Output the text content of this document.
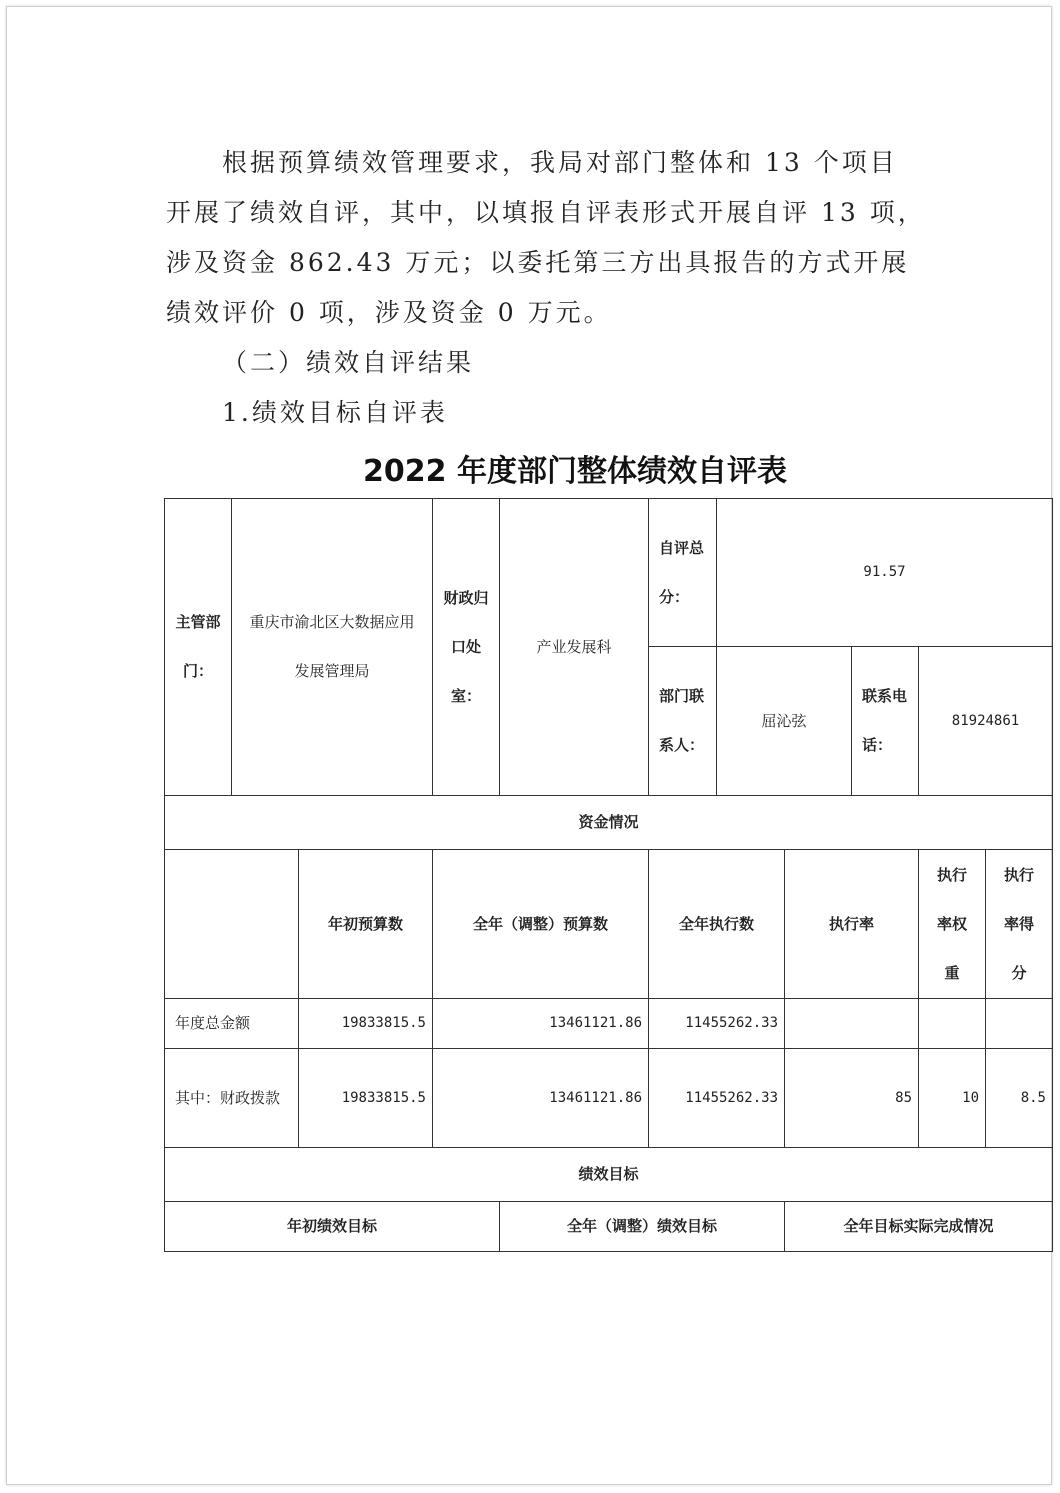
根据预算绩效管理要求，我局对部门整体和 13 个项目
开展了绩效自评，其中，以填报自评表形式开展自评 13 项，
涉及资金 862.43 万元；以委托第三方出具报告的方式开展
绩效评价 0 项，涉及资金 0 万元。

（二）绩效自评结果

1.绩效目标自评表

2022 年度部门整体绩效自评表

主管部门：	重庆市渝北区大数据应用发展管理局		财政归口处室：	产业发展科	自评总分：	91.57				
					部门联系人：	屈沁弦		联系电话：	81924861	
资金情况										
		年初预算数	全年（调整）预算数		全年执行数		执行率		执行率权重	执行率得分
年度总金额		19833815.5	13461121.86		11455262.33					
其中：财政拨款		19833815.5	13461121.86		11455262.33		85		10	8.5
绩效目标										
年初绩效目标				全年（调整）绩效目标			全年目标实际完成情况			
